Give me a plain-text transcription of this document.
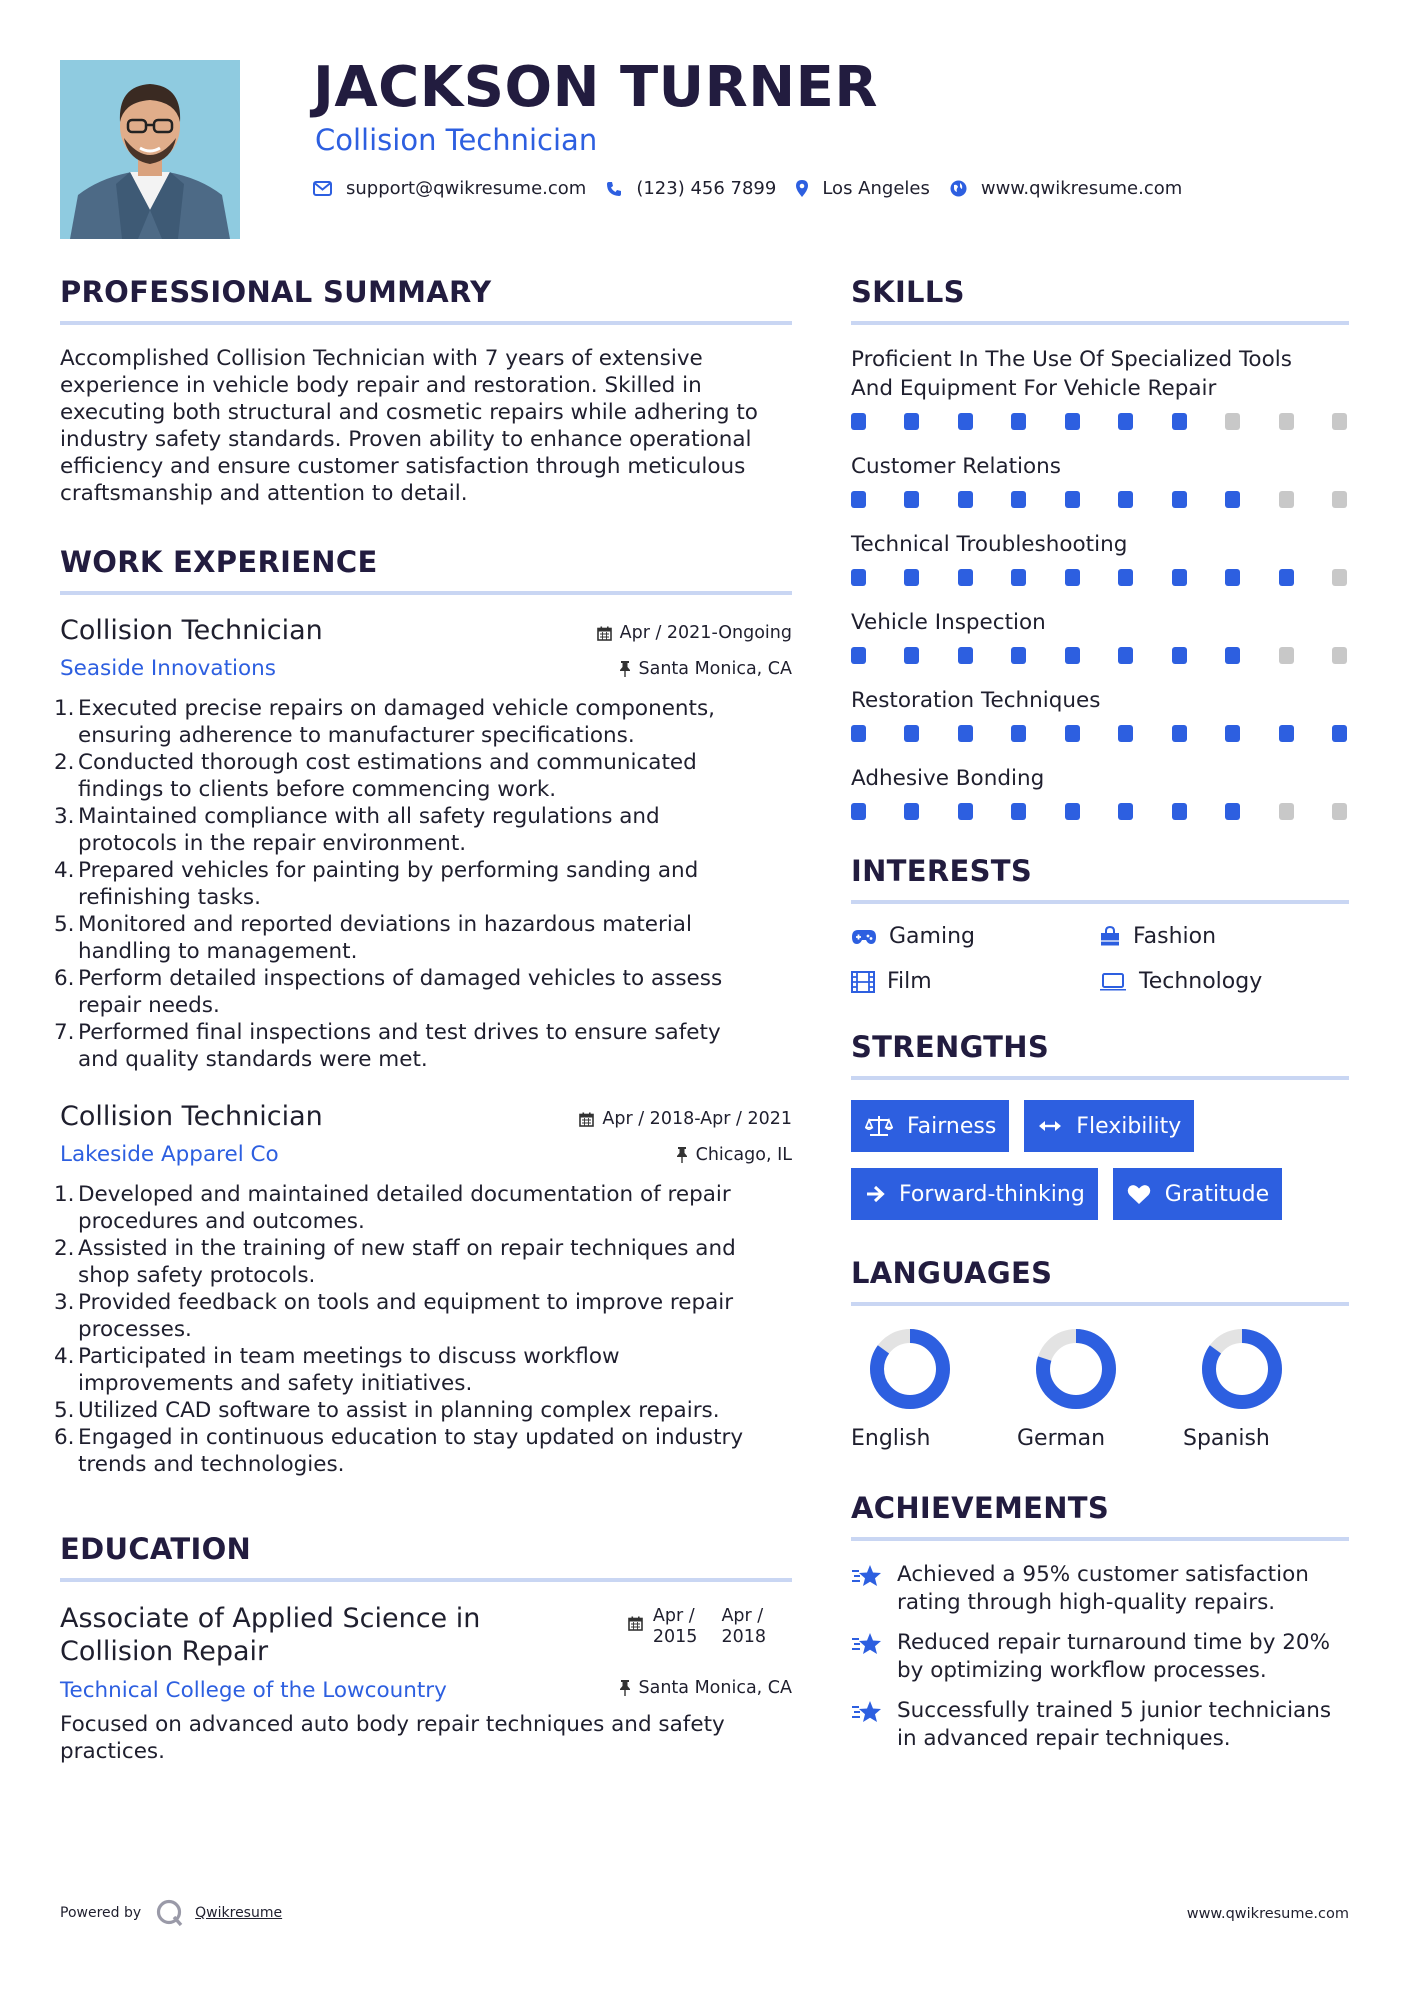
JACKSON TURNER
Collision Technician
support@qwikresume.com	(123) 456 7899	Los Angeles	www.qwikresume.com
PROFESSIONAL SUMMARY
Accomplished Collision Technician with 7 years of extensive
experience in vehicle body repair and restoration. Skilled in
executing both structural and cosmetic repairs while adhering to
industry safety standards. Proven ability to enhance operational
efficiency and ensure customer satisfaction through meticulous
craftsmanship and attention to detail.
WORK EXPERIENCE
Collision Technician	Apr / 2021-Ongoing
Seaside Innovations	Santa Monica, CA
1. Executed precise repairs on damaged vehicle components,
ensuring adherence to manufacturer specifications.
2. Conducted thorough cost estimations and communicated
findings to clients before commencing work.
3. Maintained compliance with all safety regulations and
protocols in the repair environment.
4. Prepared vehicles for painting by performing sanding and
refinishing tasks.
5. Monitored and reported deviations in hazardous material
handling to management.
6. Perform detailed inspections of damaged vehicles to assess
repair needs.
7. Performed final inspections and test drives to ensure safety
and quality standards were met.
Collision Technician	Apr / 2018-Apr / 2021
Lakeside Apparel Co	Chicago, IL
1. Developed and maintained detailed documentation of repair
procedures and outcomes.
2. Assisted in the training of new staff on repair techniques and
shop safety protocols.
3. Provided feedback on tools and equipment to improve repair
processes.
4. Participated in team meetings to discuss workflow
improvements and safety initiatives.
5. Utilized CAD software to assist in planning complex repairs.
6. Engaged in continuous education to stay updated on industry
trends and technologies.
EDUCATION
Associate of Applied Science in
Collision Repair
Apr /
2015
Apr /
2018
Technical College of the Lowcountry	Santa Monica, CA
Focused on advanced auto body repair techniques and safety
practices.
SKILLS
Proficient In The Use Of Specialized Tools
And Equipment For Vehicle Repair
Customer Relations
Technical Troubleshooting
Vehicle Inspection
Restoration Techniques
Adhesive Bonding
INTERESTS
Gaming	Fashion
Film	Technology
STRENGTHS
Fairness	Flexibility
Forward-thinking	Gratitude
LANGUAGES
English	German	Spanish
ACHIEVEMENTS
Achieved a 95% customer satisfaction
rating through high-quality repairs.
Reduced repair turnaround time by 20%
by optimizing workflow processes.
Successfully trained 5 junior technicians
in advanced repair techniques.
Powered by	Qwikresume	www.qwikresume.com
